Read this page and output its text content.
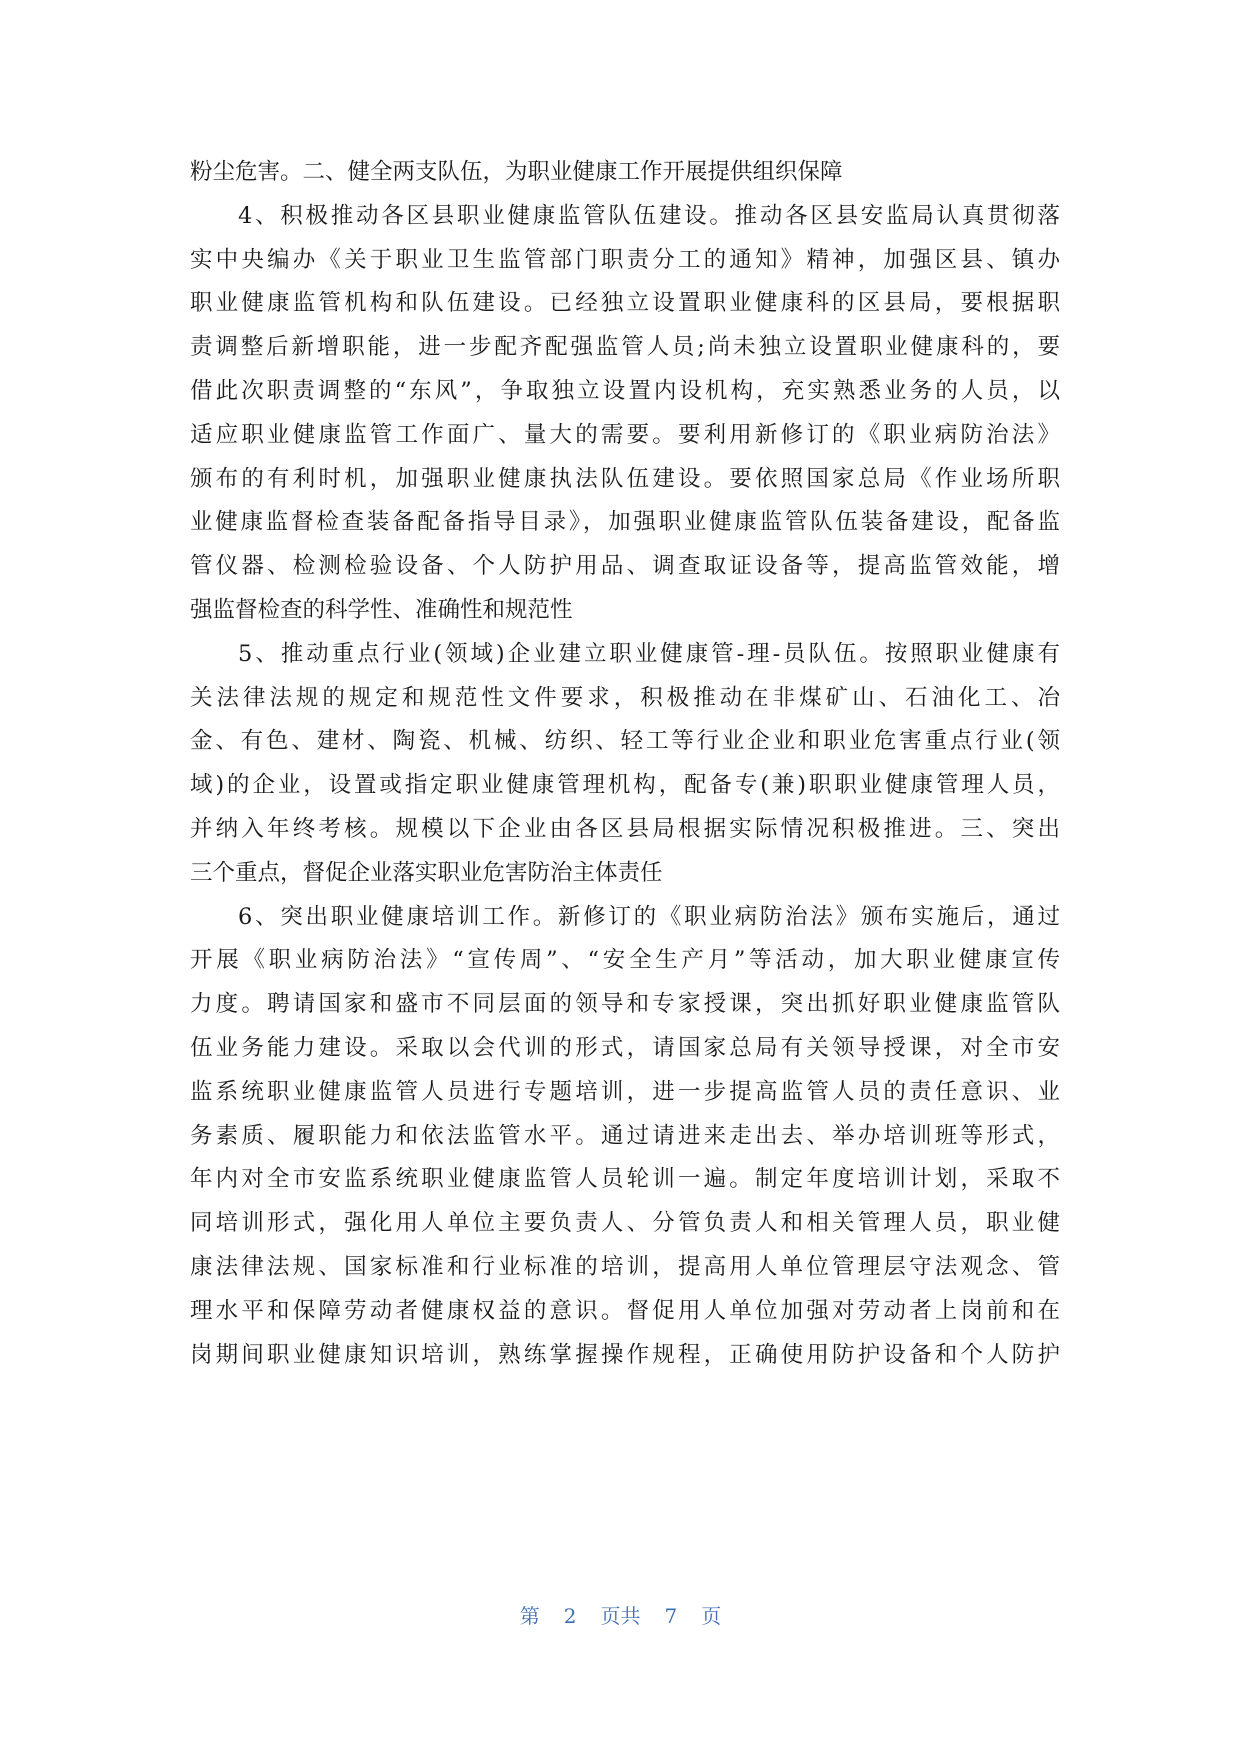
粉尘危害。二、健全两支队伍，为职业健康工作开展提供组织保障
4、积极推动各区县职业健康监管队伍建设。推动各区县安监局认真贯彻落
实中央编办《关于职业卫生监管部门职责分工的通知》精神，加强区县、镇办
职业健康监管机构和队伍建设。已经独立设置职业健康科的区县局，要根据职
责调整后新增职能，进一步配齐配强监管人员;尚未独立设置职业健康科的，要
借此次职责调整的“东风”，争取独立设置内设机构，充实熟悉业务的人员，以
适应职业健康监管工作面广、量大的需要。要利用新修订的《职业病防治法》
颁布的有利时机，加强职业健康执法队伍建设。要依照国家总局《作业场所职
业健康监督检查装备配备指导目录》，加强职业健康监管队伍装备建设，配备监
管仪器、检测检验设备、个人防护用品、调查取证设备等，提高监管效能，增
强监督检查的科学性、准确性和规范性
5、推动重点行业(领域)企业建立职业健康管-理-员队伍。按照职业健康有
关法律法规的规定和规范性文件要求，积极推动在非煤矿山、石油化工、冶
金、有色、建材、陶瓷、机械、纺织、轻工等行业企业和职业危害重点行业(领
域)的企业，设置或指定职业健康管理机构，配备专(兼)职职业健康管理人员，
并纳入年终考核。规模以下企业由各区县局根据实际情况积极推进。三、突出
三个重点，督促企业落实职业危害防治主体责任
6、突出职业健康培训工作。新修订的《职业病防治法》颁布实施后，通过
开展《职业病防治法》“宣传周”、“安全生产月”等活动，加大职业健康宣传
力度。聘请国家和盛市不同层面的领导和专家授课，突出抓好职业健康监管队
伍业务能力建设。采取以会代训的形式，请国家总局有关领导授课，对全市安
监系统职业健康监管人员进行专题培训，进一步提高监管人员的责任意识、业
务素质、履职能力和依法监管水平。通过请进来走出去、举办培训班等形式，
年内对全市安监系统职业健康监管人员轮训一遍。制定年度培训计划，采取不
同培训形式，强化用人单位主要负责人、分管负责人和相关管理人员，职业健
康法律法规、国家标准和行业标准的培训，提高用人单位管理层守法观念、管
理水平和保障劳动者健康权益的意识。督促用人单位加强对劳动者上岗前和在
岗期间职业健康知识培训，熟练掌握操作规程，正确使用防护设备和个人防护
第 2 页共 7 页
